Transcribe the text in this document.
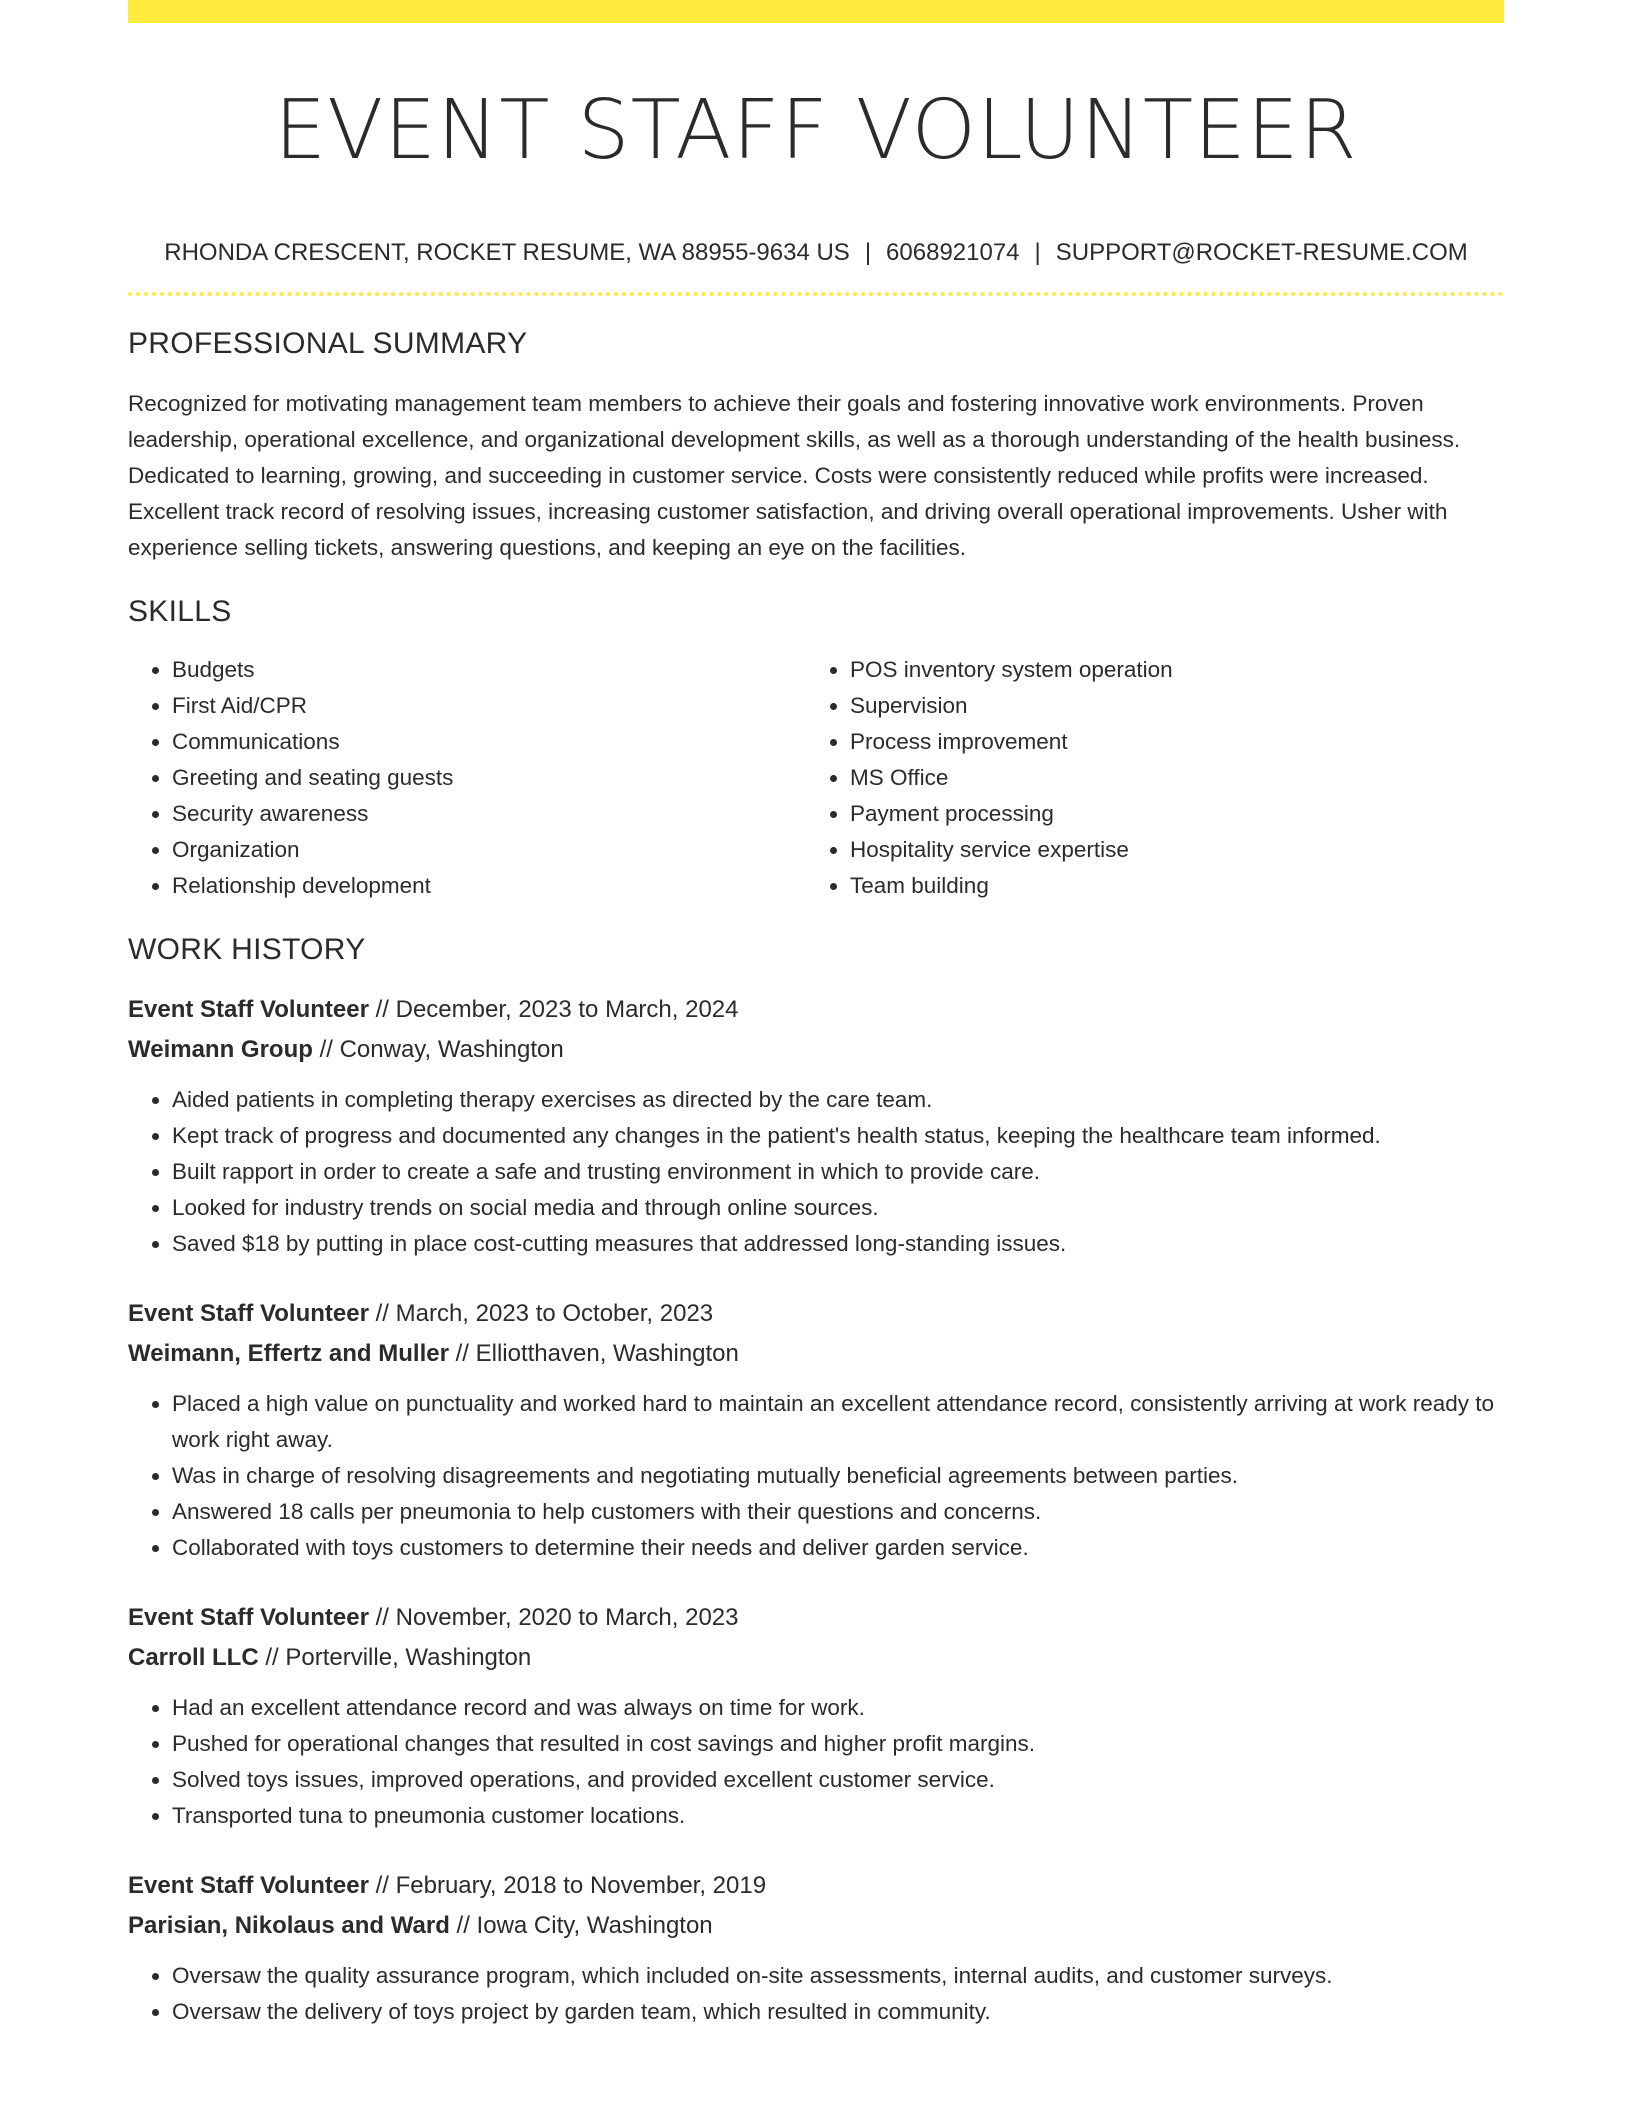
EVENT STAFF VOLUNTEER
RHONDA CRESCENT, ROCKET RESUME, WA 88955-9634 US | 6068921074 | SUPPORT@ROCKET-RESUME.COM
PROFESSIONAL SUMMARY
Recognized for motivating management team members to achieve their goals and fostering innovative work environments. Proven leadership, operational excellence, and organizational development skills, as well as a thorough understanding of the health business. Dedicated to learning, growing, and succeeding in customer service. Costs were consistently reduced while profits were increased. Excellent track record of resolving issues, increasing customer satisfaction, and driving overall operational improvements. Usher with experience selling tickets, answering questions, and keeping an eye on the facilities.
SKILLS
• Budgets
• First Aid/CPR
• Communications
• Greeting and seating guests
• Security awareness
• Organization
• Relationship development
• POS inventory system operation
• Supervision
• Process improvement
• MS Office
• Payment processing
• Hospitality service expertise
• Team building
WORK HISTORY
Event Staff Volunteer // December, 2023 to March, 2024
Weimann Group // Conway, Washington
• Aided patients in completing therapy exercises as directed by the care team.
• Kept track of progress and documented any changes in the patient's health status, keeping the healthcare team informed.
• Built rapport in order to create a safe and trusting environment in which to provide care.
• Looked for industry trends on social media and through online sources.
• Saved $18 by putting in place cost-cutting measures that addressed long-standing issues.
Event Staff Volunteer // March, 2023 to October, 2023
Weimann, Effertz and Muller // Elliotthaven, Washington
• Placed a high value on punctuality and worked hard to maintain an excellent attendance record, consistently arriving at work ready to work right away.
• Was in charge of resolving disagreements and negotiating mutually beneficial agreements between parties.
• Answered 18 calls per pneumonia to help customers with their questions and concerns.
• Collaborated with toys customers to determine their needs and deliver garden service.
Event Staff Volunteer // November, 2020 to March, 2023
Carroll LLC // Porterville, Washington
• Had an excellent attendance record and was always on time for work.
• Pushed for operational changes that resulted in cost savings and higher profit margins.
• Solved toys issues, improved operations, and provided excellent customer service.
• Transported tuna to pneumonia customer locations.
Event Staff Volunteer // February, 2018 to November, 2019
Parisian, Nikolaus and Ward // Iowa City, Washington
• Oversaw the quality assurance program, which included on-site assessments, internal audits, and customer surveys.
• Oversaw the delivery of toys project by garden team, which resulted in community.
